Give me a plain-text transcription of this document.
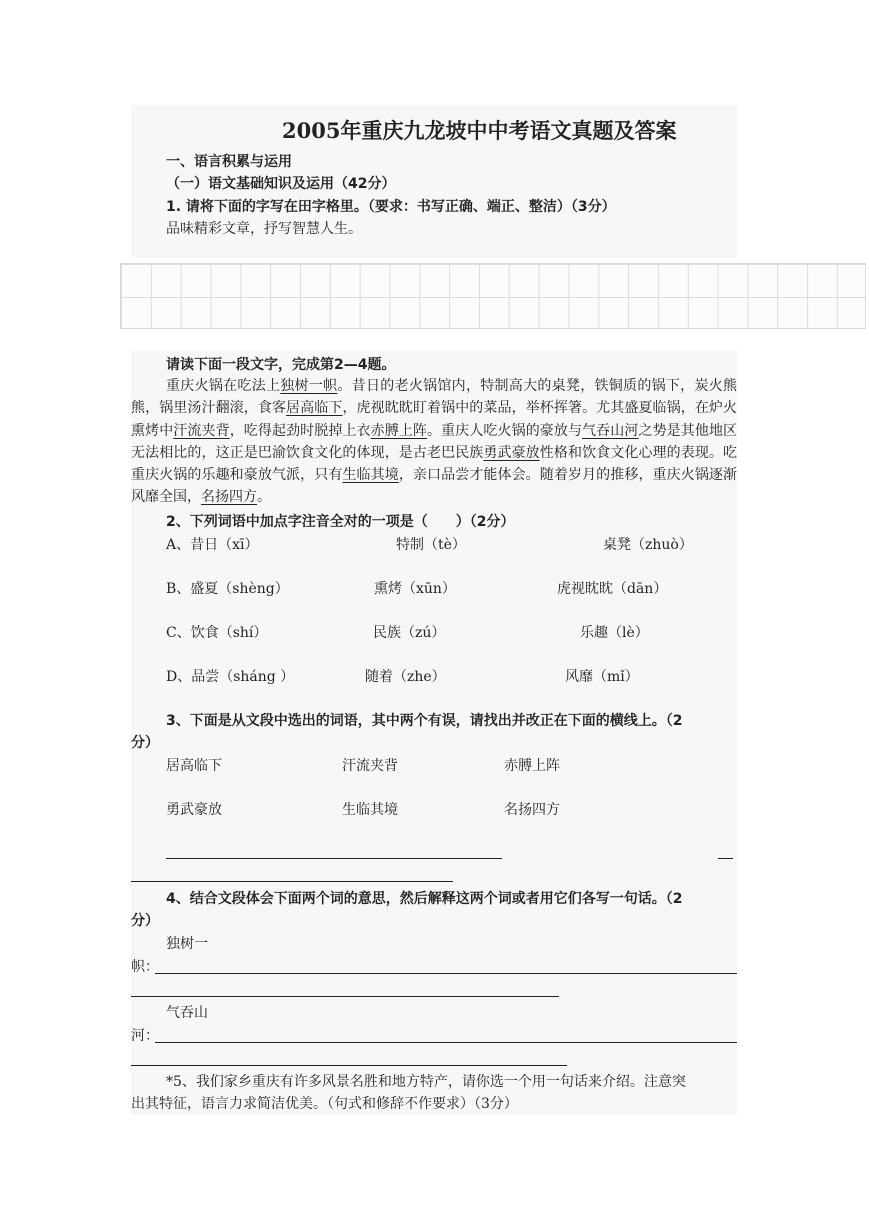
2005年重庆九龙坡中中考语文真题及答案
一、语言积累与运用
（一）语文基础知识及运用（42分）
1. 请将下面的字写在田字格里。（要求：书写正确、端正、整洁）（3分）
品味精彩文章，抒写智慧人生。
请读下面一段文字，完成第2—4题。
重庆火锅在吃法上独树一帜。昔日的老火锅馆内，特制高大的桌凳，铁铜质的锅下，炭火熊熊，锅里汤汁翻滚，食客居高临下，虎视眈眈盯着锅中的菜品，举杯挥箸。尤其盛夏临锅，在炉火熏烤中汗流夹背，吃得起劲时脱掉上衣赤膊上阵。重庆人吃火锅的豪放与气吞山河之势是其他地区无法相比的，这正是巴渝饮食文化的体现，是古老巴民族勇武豪放性格和饮食文化心理的表现。吃重庆火锅的乐趣和豪放气派，只有生临其境，亲口品尝才能体会。随着岁月的推移，重庆火锅逐渐风靡全国，名扬四方。
2、下列词语中加点字注音全对的一项是（　　）（2分）
A、昔日（xī）	特制（tè）	桌凳（zhuò）
B、盛夏（shèng）	熏烤（xūn）	虎视眈眈（dān）
C、饮食（shí）	民族（zú）	乐趣（lè）
D、品尝（sháng ）	随着（zhe）	风靡（mǐ）
3、下面是从文段中选出的词语，其中两个有误，请找出并改正在下面的横线上。（2
分）
居高临下	汗流夹背	赤膊上阵
勇武豪放	生临其境	名扬四方
4、结合文段体会下面两个词的意思，然后解释这两个词或者用它们各写一句话。（2
分）
独树一
帜：
气吞山
河：
*5、我们家乡重庆有许多风景名胜和地方特产，请你选一个用一句话来介绍。注意突
出其特征，语言力求简洁优美。（句式和修辞不作要求）（3分）
